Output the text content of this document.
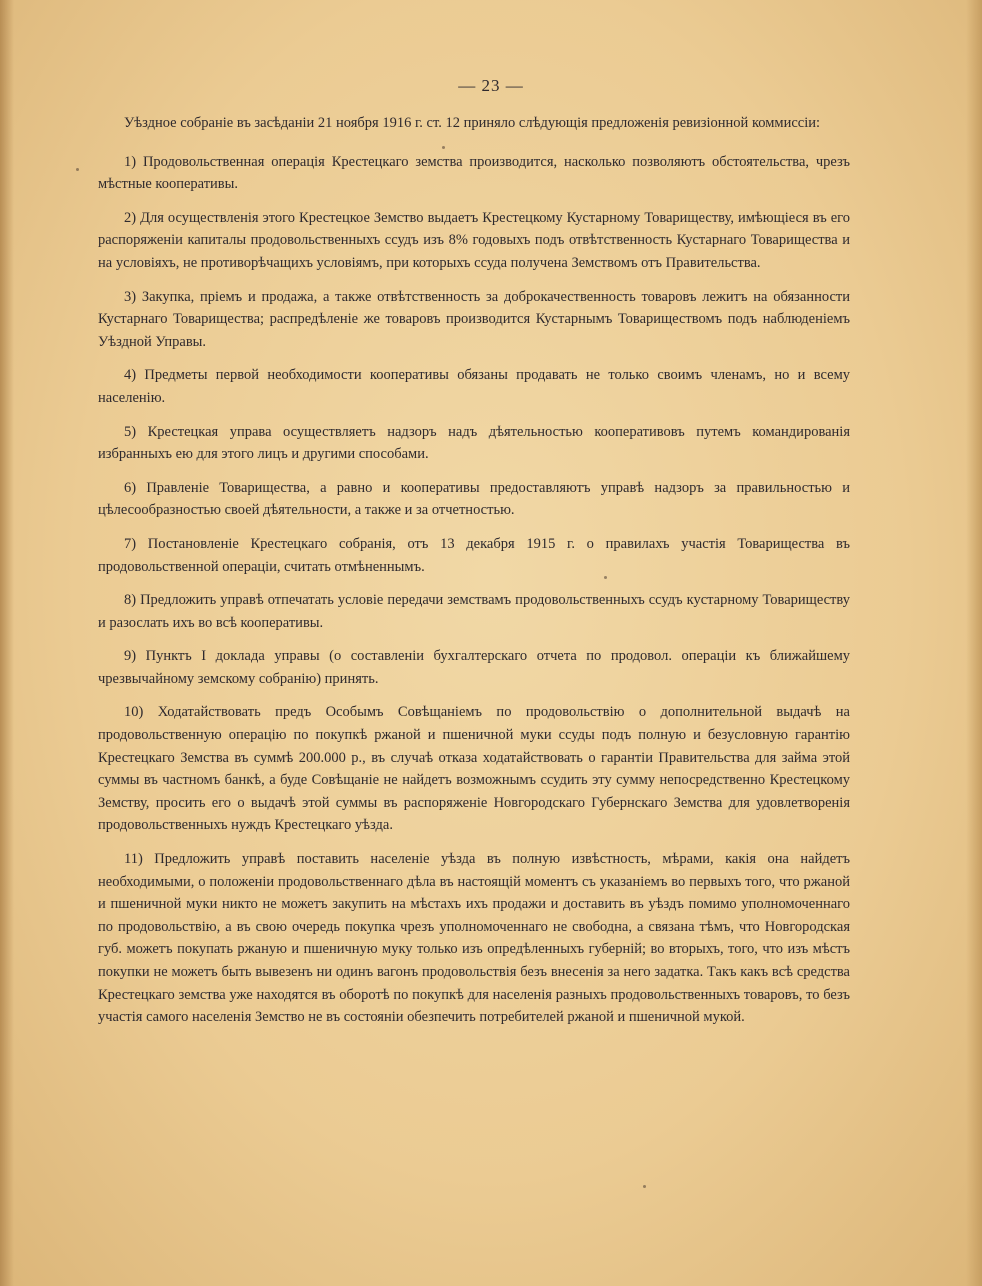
— 23 —

Уѣздное собраніе въ засѣданіи 21 ноября 1916 г. ст. 12 приняло слѣдующія предложенія ревизіонной коммиссіи:

1) Продовольственная операція Крестецкаго земства производится, насколько позволяютъ обстоятельства, чрезъ мѣстные кооперативы.

2) Для осуществленія этого Крестецкое Земство выдаетъ Крестецкому Кустарному Товариществу, имѣющіеся въ его распоряженіи капиталы продовольственныхъ ссудъ изъ 8% годовыхъ подъ отвѣтственность Кустарнаго Товарищества и на условіяхъ, не противорѣчащихъ условіямъ, при которыхъ ссуда получена Земствомъ отъ Правительства.

3) Закупка, пріемъ и продажа, а также отвѣтственность за доброкачественность товаровъ лежитъ на обязанности Кустарнаго Товарищества; распредѣленіе же товаровъ производится Кустарнымъ Товариществомъ подъ наблюденіемъ Уѣздной Управы.

4) Предметы первой необходимости кооперативы обязаны продавать не только своимъ членамъ, но и всему населенію.

5) Крестецкая управа осуществляетъ надзоръ надъ дѣятельностью кооперативовъ путемъ командированія избранныхъ ею для этого лицъ и другими способами.

6) Правленіе Товарищества, а равно и кооперативы предоставляютъ управѣ надзоръ за правильностью и цѣлесообразностью своей дѣятельности, а также и за отчетностью.

7) Постановленіе Крестецкаго собранія, отъ 13 декабря 1915 г. о правилахъ участія Товарищества въ продовольственной операціи, считать отмѣненнымъ.

8) Предложить управѣ отпечатать условіе передачи земствамъ продовольственныхъ ссудъ кустарному Товариществу и разослать ихъ во всѣ кооперативы.

9) Пунктъ I доклада управы (о составленіи бухгалтерскаго отчета по продовол. операціи къ ближайшему чрезвычайному земскому собранію) принять.

10) Ходатайствовать предъ Особымъ Совѣщаніемъ по продовольствію о дополнительной выдачѣ на продовольственную операцію по покупкѣ ржаной и пшеничной муки ссуды подъ полную и безусловную гарантію Крестецкаго Земства въ суммѣ 200.000 р., въ случаѣ отказа ходатайствовать о гарантіи Правительства для займа этой суммы въ частномъ банкѣ, а буде Совѣщаніе не найдетъ возможнымъ ссудить эту сумму непосредственно Крестецкому Земству, просить его о выдачѣ этой суммы въ распоряженіе Новгородскаго Губернскаго Земства для удовлетворенія продовольственныхъ нуждъ Крестецкаго уѣзда.

11) Предложить управѣ поставить населеніе уѣзда въ полную извѣстность, мѣрами, какія она найдетъ необходимыми, о положеніи продовольственнаго дѣла въ настоящій моментъ съ указаніемъ во первыхъ того, что ржаной и пшеничной муки никто не можетъ закупить на мѣстахъ ихъ продажи и доставить въ уѣздъ помимо уполномоченнаго по продовольствію, а въ свою очередь покупка чрезъ уполномоченнаго не свободна, а связана тѣмъ, что Новгородская губ. можетъ покупать ржаную и пшеничную муку только изъ опредѣленныхъ губерній; во вторыхъ, того, что изъ мѣстъ покупки не можетъ быть вывезенъ ни одинъ вагонъ продовольствія безъ внесенія за него задатка. Такъ какъ всѣ средства Крестецкаго земства уже находятся въ оборотѣ по покупкѣ для населенія разныхъ продовольственныхъ товаровъ, то безъ участія самого населенія Земство не въ состояніи обезпечить потребителей ржаной и пшеничной мукой.
